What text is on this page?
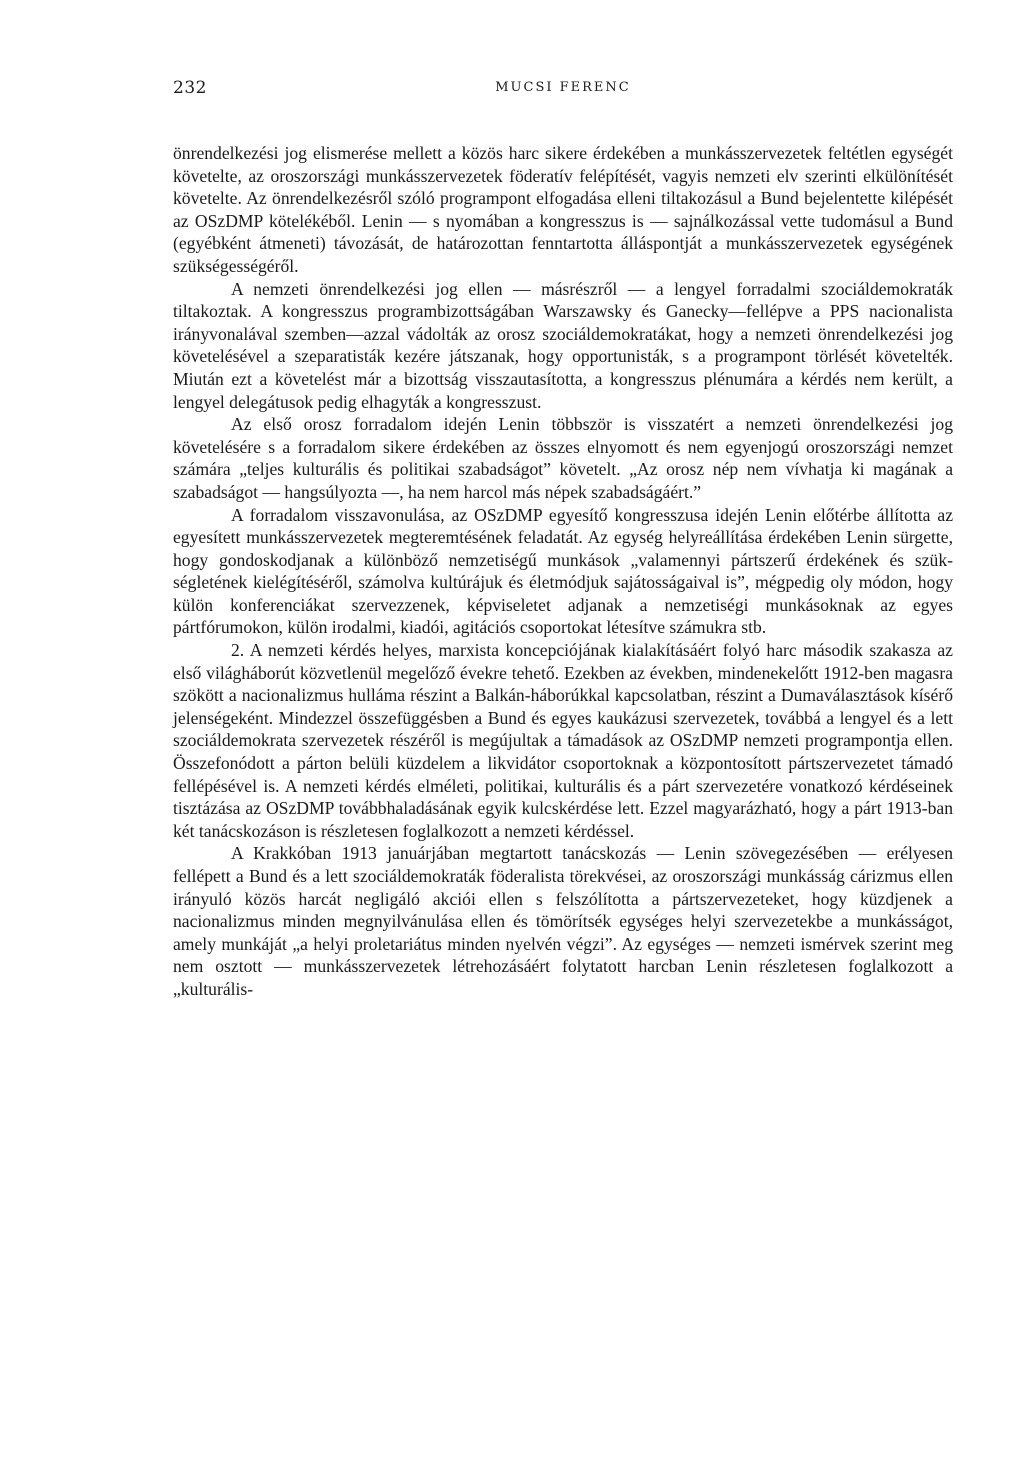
232	MUCSI FERENC

önrendelkezési jog elismerése mellett a közös harc sikere érdekében a munkásszervezetek feltétlen egységét követelte, az oroszországi munkásszervezetek föderatív felépítését, vagyis nemzeti elv szerinti elkülönítését követelte. Az önrendelkezésről szóló programpont elfogadása elleni tiltakozásul a Bund bejelentette kilépését az OSzDMP kötelékéből. Lenin — s nyomában a kongresszus is — sajnálkozással vette tudomásul a Bund (egyébként átmeneti) távozását, de határozottan fenntartotta álláspontját a munkásszervezetek egységének szükségességéről.

A nemzeti önrendelkezési jog ellen — másrészről — a lengyel forradalmi szociáldemokraták tiltakoztak. A kongresszus programbizottságában Warszawsky és Ganecky—fellépve a PPS nacionalista irányvonalával szemben—azzal vádolták az orosz szociáldemokratákat, hogy a nemzeti önrendelkezési jog követelésével a szeparatisták kezére játszanak, hogy opportunisták, s a programpont törlését követelték. Miután ezt a követelést már a bizottság visszautasította, a kongresszus plénumára a kérdés nem került, a lengyel delegátusok pedig elhagyták a kongresszust.

Az első orosz forradalom idején Lenin többször is visszatért a nemzeti önrendelkezési jog követelésére s a forradalom sikere érdekében az összes elnyomott és nem egyenjogú oroszországi nemzet számára „teljes kulturális és politikai szabadságot” követelt. „Az orosz nép nem vívhatja ki magának a szabadságot — hangsúlyozta —, ha nem harcol más népek szabadságáért.”

A forradalom visszavonulása, az OSzDMP egyesítő kongresszusa idején Lenin előtérbe állította az egyesített munkásszervezetek megteremtésének feladatát. Az egység helyreállítása érdekében Lenin sürgette, hogy gondoskodjanak a különböző nemzetiségű munkások „valamennyi pártszerű érdekének és szükségletének kielégítéséről, számolva kultúrájuk és életmódjuk sajátosságaival is”, mégpedig oly módon, hogy külön konferenciákat szervezzenek, képviseletet adjanak a nemzetiségi munkásoknak az egyes pártfórumokon, külön irodalmi, kiadói, agitációs csoportokat létesítve számukra stb.

2. A nemzeti kérdés helyes, marxista koncepciójának kialakításáért folyó harc második szakasza az első világháborút közvetlenül megelőző évekre tehető. Ezekben az években, mindenekelőtt 1912-ben magasra szökött a nacionalizmus hulláma részint a Balkán-háborúkkal kapcsolatban, részint a Dumaválasztások kísérő jelenségeként. Mindezzel összefüggésben a Bund és egyes kaukázusi szervezetek, továbbá a lengyel és a lett szociáldemokrata szervezetek részéről is megújultak a támadások az OSzDMP nemzeti programpontja ellen. Összefonódott a párton belüli küzdelem a likvidátor csoportoknak a központosított pártszervezetet támadó fellépésével is. A nemzeti kérdés elméleti, politikai, kulturális és a párt szervezetére vonatkozó kérdéseinek tisztázása az OSzDMP továbbhaladásának egyik kulcskérdése lett. Ezzel magyarázható, hogy a párt 1913-ban két tanácskozáson is részletesen foglalkozott a nemzeti kérdéssel.

A Krakkóban 1913 januárjában megtartott tanácskozás — Lenin szövegezésében — erélyesen fellépett a Bund és a lett szociáldemokraták föderalista törekvései, az oroszországi munkásság cárizmus ellen irányuló közös harcát negligáló akciói ellen s felszólította a pártszervezeteket, hogy küzdjenek a nacionalizmus minden megnyilvánulása ellen és tömörítsék egységes helyi szervezetekbe a munkásságot, amely munkáját „a helyi proletariátus minden nyelvén végzi”. Az egységes — nemzeti ismérvek szerint meg nem osztott — munkásszervezetek létrehozásáért folytatott harcban Lenin részletesen foglalkozott a „kulturális-
